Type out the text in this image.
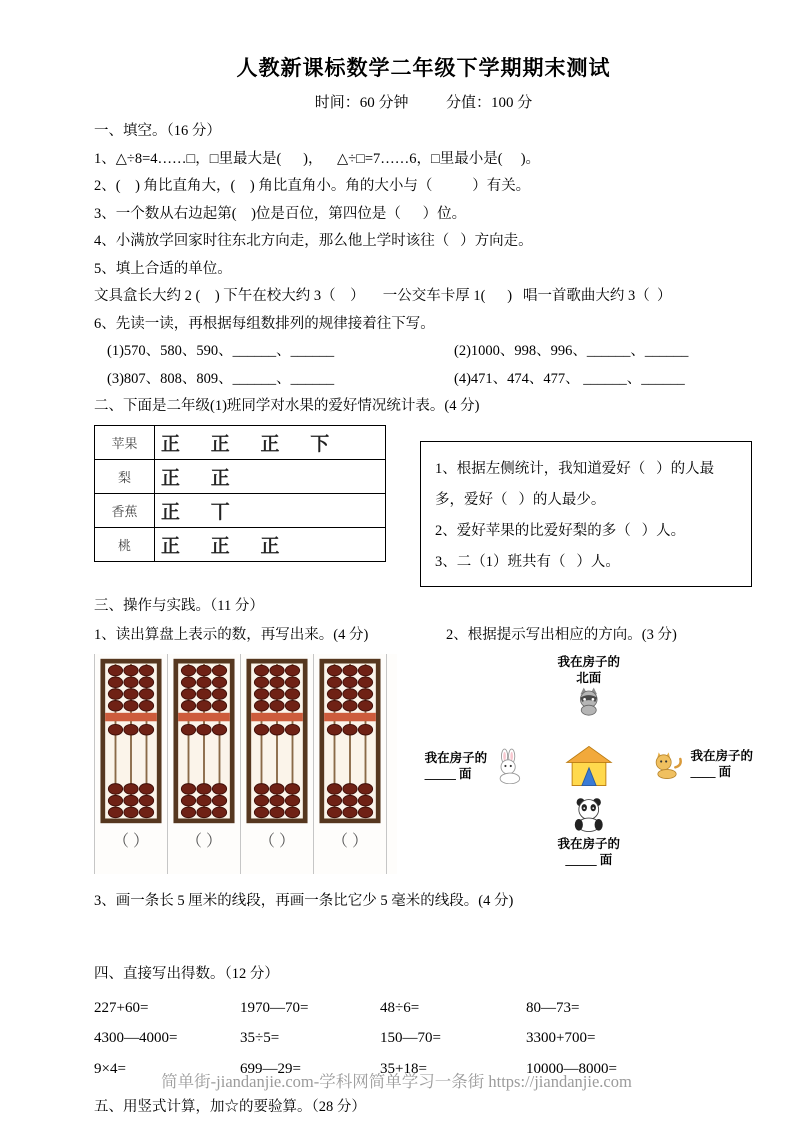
人教新课标数学二年级下学期期末测试
时间：60 分钟          分值：100 分
一、填空。（16 分）
1、△÷8=4……□，□里最大是(      )，    △÷□=7……6，□里最小是(     )。
2、(    ) 角比直角大，(    ) 角比直角小。角的大小与（           ）有关。
3、一个数从右边起第(    )位是百位，第四位是（      ）位。
4、小满放学回家时往东北方向走，那么他上学时该往（   ）方向走。
5、填上合适的单位。
文具盒长大约 2 (    ) 下午在校大约 3（    ）     一公交车卡厚 1(      )   唱一首歌曲大约 3（  ）
6、先读一读，再根据每组数排列的规律接着往下写。
(1)570、580、590、______、______	(2)1000、998、996、______、______
(3)807、808、809、______、______	(4)471、474、477、 ______、______
二、下面是二年级(1)班同学对水果的爱好情况统计表。(4 分)
苹果	正 正 正 下
梨	正 正
香蕉	正 丅
桃	正 正 正

1、根据左侧统计，我知道爱好（   ）的人最多，爱好（   ）的人最少。

2、爱好苹果的比爱好梨的多（   ）人。

3、二（1）班共有（   ）人。

三、操作与实践。（11 分）
1、读出算盘上表示的数，再写出来。(4 分)	2、根据提示写出相应的方向。(3 分)
（ ）	（ ）	（ ）	（ ）
我在房子的
北面
我在房子的
_____ 面
我在房子的
____ 面
我在房子的
_____ 面
3、画一条长 5 厘米的线段，再画一条比它少 5 毫米的线段。(4 分)
四、直接写出得数。（12 分）
227+60=	1970—70=	48÷6=	80—73=
4300—4000=	35÷5=	150—70=	3300+700=
9×4=	699—29=	35+18=	10000—8000=
五、用竖式计算，加☆的要验算。（28 分）
简单街-jiandanjie.com-学科网简单学习一条街 https://jiandanjie.com
